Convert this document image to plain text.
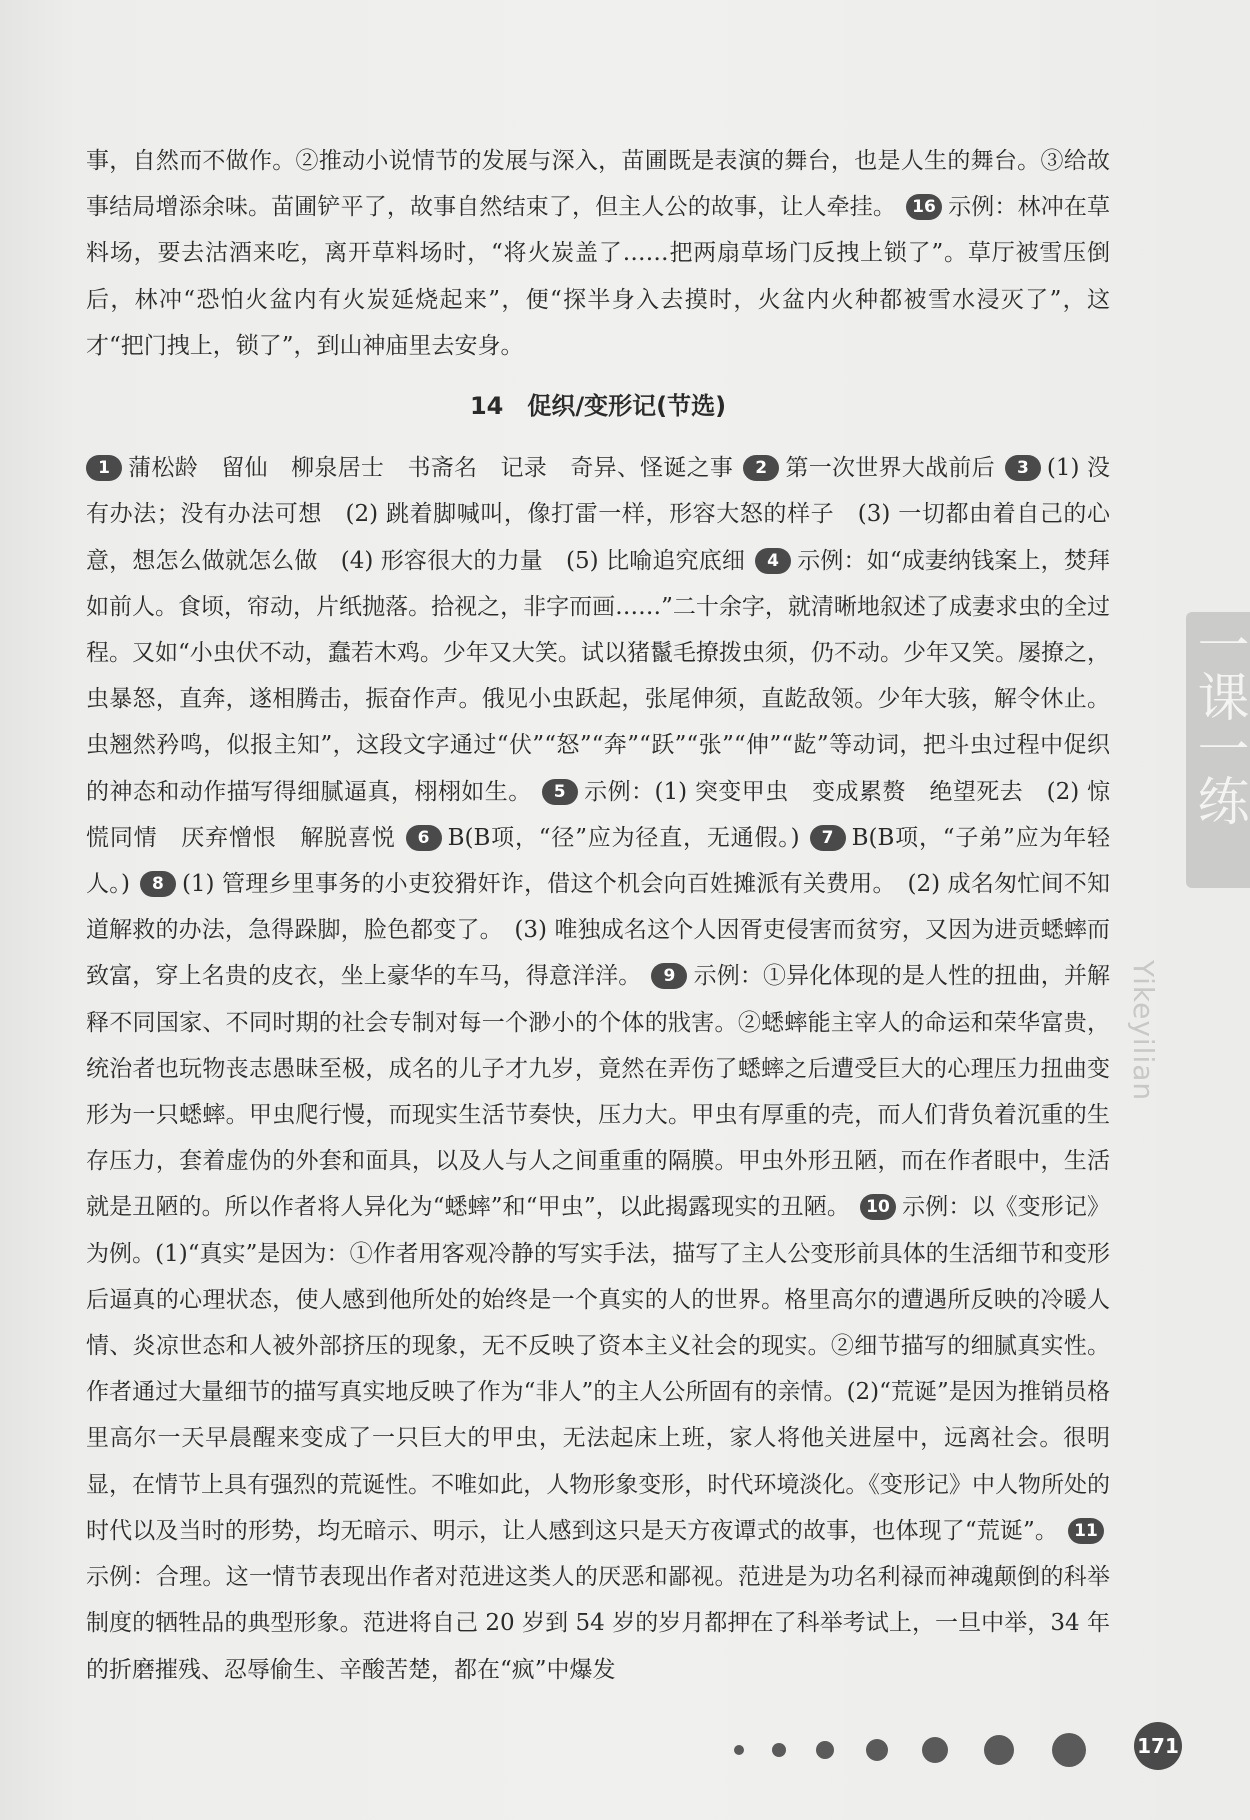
一课一练
Yikeyilian

事，自然而不做作。②推动小说情节的发展与深入，苗圃既是表演的舞台，也是人生的舞台。③给故事结局增添余味。苗圃铲平了，故事自然结束了，但主人公的故事，让人牵挂。 16 示例：林冲在草料场，要去沽酒来吃，离开草料场时，“将火炭盖了……把两扇草场门反拽上锁了”。草厅被雪压倒后，林冲“恐怕火盆内有火炭延烧起来”，便“探半身入去摸时，火盆内火种都被雪水浸灭了”，这才“把门拽上，锁了”，到山神庙里去安身。

14　促织/变形记(节选)

1 蒲松龄　留仙　柳泉居士　书斋名　记录　奇异、怪诞之事 2 第一次世界大战前后 3 (1) 没有办法；没有办法可想　(2) 跳着脚喊叫，像打雷一样，形容大怒的样子　(3) 一切都由着自己的心意，想怎么做就怎么做　(4) 形容很大的力量　(5) 比喻追究底细 4 示例：如“成妻纳钱案上，焚拜如前人。食顷，帘动，片纸抛落。拾视之，非字而画……”二十余字，就清晰地叙述了成妻求虫的全过程。又如“小虫伏不动，蠢若木鸡。少年又大笑。试以猪鬣毛撩拨虫须，仍不动。少年又笑。屡撩之，虫暴怒，直奔，遂相腾击，振奋作声。俄见小虫跃起，张尾伸须，直龁敌领。少年大骇，解令休止。虫翘然矜鸣，似报主知”，这段文字通过“伏”“怒”“奔”“跃”“张”“伸”“龁”等动词，把斗虫过程中促织的神态和动作描写得细腻逼真，栩栩如生。 5 示例：(1) 突变甲虫　变成累赘　绝望死去　(2) 惊慌同情　厌弃憎恨　解脱喜悦 6 B(B项，“径”应为径直，无通假。) 7 B(B项，“子弟”应为年轻人。) 8 (1) 管理乡里事务的小吏狡猾奸诈，借这个机会向百姓摊派有关费用。　(2) 成名匆忙间不知道解救的办法，急得跺脚，脸色都变了。　(3) 唯独成名这个人因胥吏侵害而贫穷，又因为进贡蟋蟀而致富，穿上名贵的皮衣，坐上豪华的车马，得意洋洋。 9 示例：①异化体现的是人性的扭曲，并解释不同国家、不同时期的社会专制对每一个渺小的个体的戕害。②蟋蟀能主宰人的命运和荣华富贵，统治者也玩物丧志愚昧至极，成名的儿子才九岁，竟然在弄伤了蟋蟀之后遭受巨大的心理压力扭曲变形为一只蟋蟀。甲虫爬行慢，而现实生活节奏快，压力大。甲虫有厚重的壳，而人们背负着沉重的生存压力，套着虚伪的外套和面具，以及人与人之间重重的隔膜。甲虫外形丑陋，而在作者眼中，生活就是丑陋的。所以作者将人异化为“蟋蟀”和“甲虫”，以此揭露现实的丑陋。 10 示例：以《变形记》为例。(1)“真实”是因为：①作者用客观冷静的写实手法，描写了主人公变形前具体的生活细节和变形后逼真的心理状态，使人感到他所处的始终是一个真实的人的世界。格里高尔的遭遇所反映的冷暖人情、炎凉世态和人被外部挤压的现象，无不反映了资本主义社会的现实。②细节描写的细腻真实性。作者通过大量细节的描写真实地反映了作为“非人”的主人公所固有的亲情。(2)“荒诞”是因为推销员格里高尔一天早晨醒来变成了一只巨大的甲虫，无法起床上班，家人将他关进屋中，远离社会。很明显，在情节上具有强烈的荒诞性。不唯如此，人物形象变形，时代环境淡化。《变形记》中人物所处的时代以及当时的形势，均无暗示、明示，让人感到这只是天方夜谭式的故事，也体现了“荒诞”。 11示例：合理。这一情节表现出作者对范进这类人的厌恶和鄙视。范进是为功名利禄而神魂颠倒的科举制度的牺牲品的典型形象。范进将自己 20 岁到 54 岁的岁月都押在了科举考试上，一旦中举，34 年的折磨摧残、忍辱偷生、辛酸苦楚，都在“疯”中爆发

171
